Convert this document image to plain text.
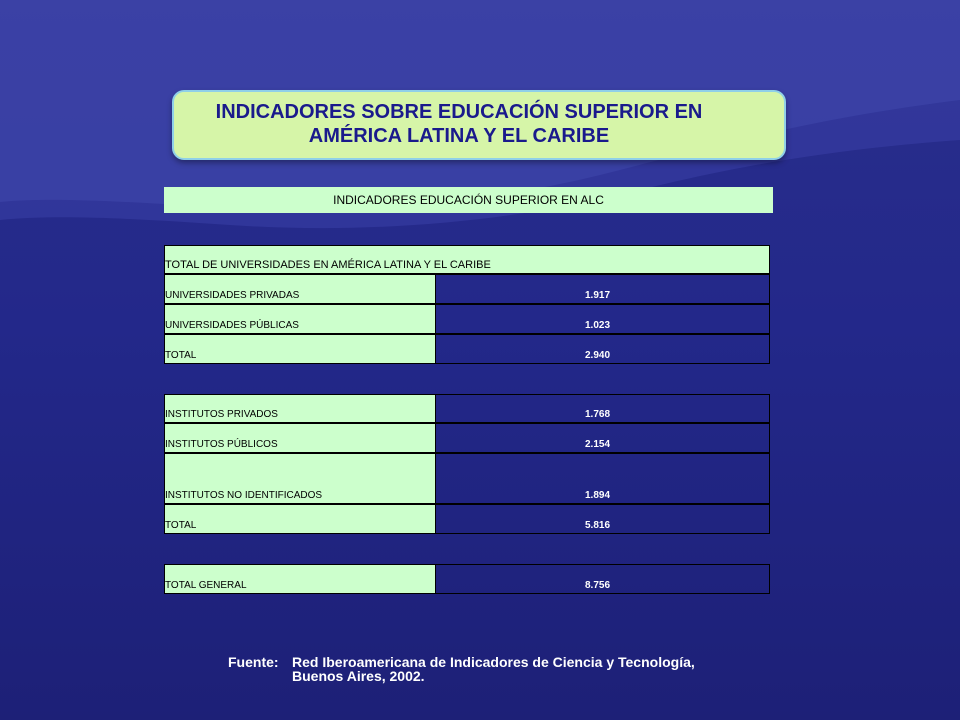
INDICADORES SOBRE EDUCACIÓN SUPERIOR EN
AMÉRICA LATINA Y EL CARIBE
INDICADORES EDUCACIÓN SUPERIOR EN ALC
TOTAL DE UNIVERSIDADES EN AMÉRICA LATINA Y EL CARIBE
UNIVERSIDADES PRIVADAS	1.917
UNIVERSIDADES PÚBLICAS	1.023
TOTAL	2.940
INSTITUTOS PRIVADOS	1.768
INSTITUTOS PÚBLICOS	2.154
INSTITUTOS NO IDENTIFICADOS	1.894
TOTAL	5.816
TOTAL GENERAL	8.756
Fuente: Red Iberoamericana de Indicadores de Ciencia y Tecnología,
Buenos Aires, 2002.
